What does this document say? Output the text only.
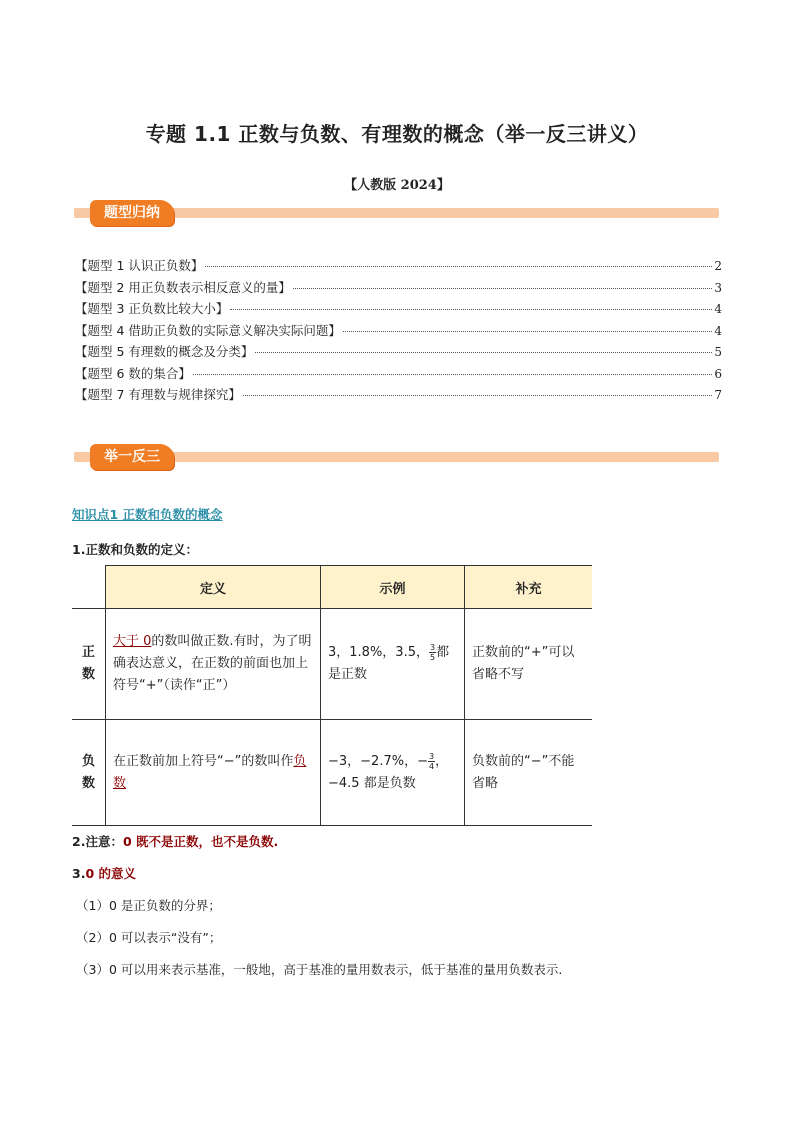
专题 1.1 正数与负数、有理数的概念（举一反三讲义）
【人教版 2024】
题型归纳
【题型 1 认识正负数】	2
【题型 2 用正负数表示相反意义的量】	3
【题型 3 正负数比较大小】	4
【题型 4 借助正负数的实际意义解决实际问题】	4
【题型 5 有理数的概念及分类】	5
【题型 6 数的集合】	6
【题型 7 有理数与规律探究】	7
举一反三
知识点1 正数和负数的概念
1.正数和负数的定义：
	定义	示例	补充
正数	大于 0的数叫做正数.有时，为了明确表达意义，在正数的前面也加上符号“+”（读作“正”）	3，1.8%，3.5， $\frac{3}{5}$ 都是正数	正数前的“+”可以省略不写
负数	在正数前加上符号“−”的数叫作负数	−3，−2.7%，− $\frac{3}{4}$ ，−4.5 都是负数	负数前的“−”不能省略
2.注意：0 既不是正数，也不是负数.
3.0 的意义
（1）0 是正负数的分界；
（2）0 可以表示“没有”；
（3）0 可以用来表示基准，一般地，高于基准的量用数表示，低于基准的量用负数表示.
